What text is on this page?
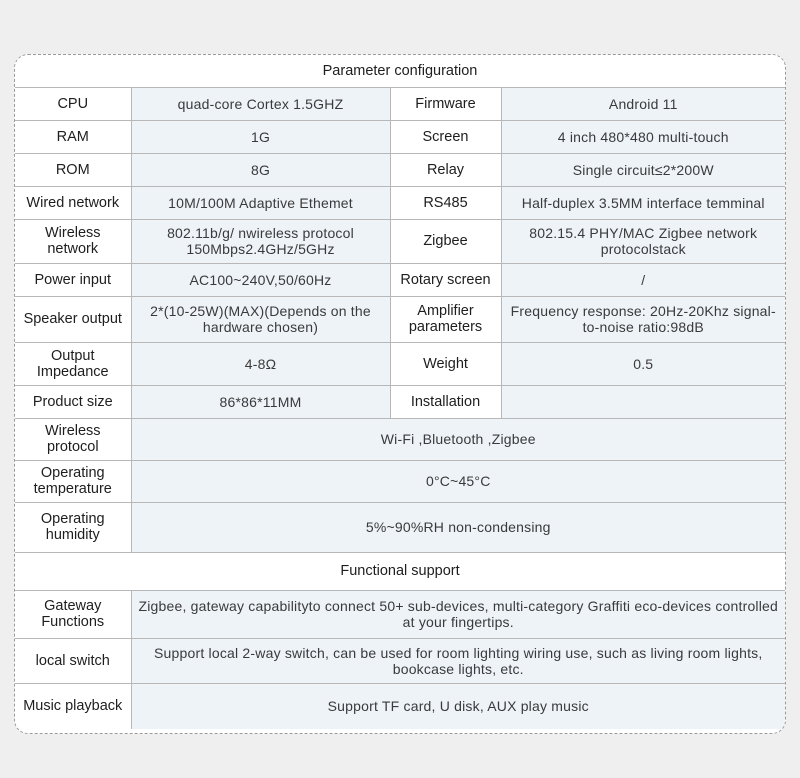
Parameter configuration			
CPU	quad-core Cortex 1.5GHZ	Firmware	Android 11
RAM	1G	Screen	4 inch 480*480 multi-touch
ROM	8G	Relay	Single circuit≤2*200W
Wired network	10M/100M Adaptive Ethemet	RS485	Half-duplex 3.5MM interface temminal
Wireless network	802.11b/g/ nwireless protocol 150Mbps2.4GHz/5GHz	Zigbee	802.15.4 PHY/MAC Zigbee network protocolstack
Power input	AC100~240V,50/60Hz	Rotary screen	/
Speaker output	2*(10-25W)(MAX)(Depends on the hardware chosen)	Amplifier parameters	Frequency response: 20Hz-20Khz signal-to-noise ratio:98dB
Output Impedance	4-8Ω	Weight	0.5
Product size	86*86*11MM	Installation	
Wireless protocol	Wi-Fi ,Bluetooth ,Zigbee		
Operating temperature	0°C~45°C		
Operating humidity	5%~90%RH non-condensing		
Functional support			
Gateway Functions	Zigbee, gateway capabilityto connect 50+ sub-devices, multi-category Graffiti eco-devices controlled at your fingertips.		
local switch	Support local 2-way switch, can be used for room lighting wiring use, such as living room lights, bookcase lights, etc.		
Music playback	Support TF card, U disk, AUX play music		
